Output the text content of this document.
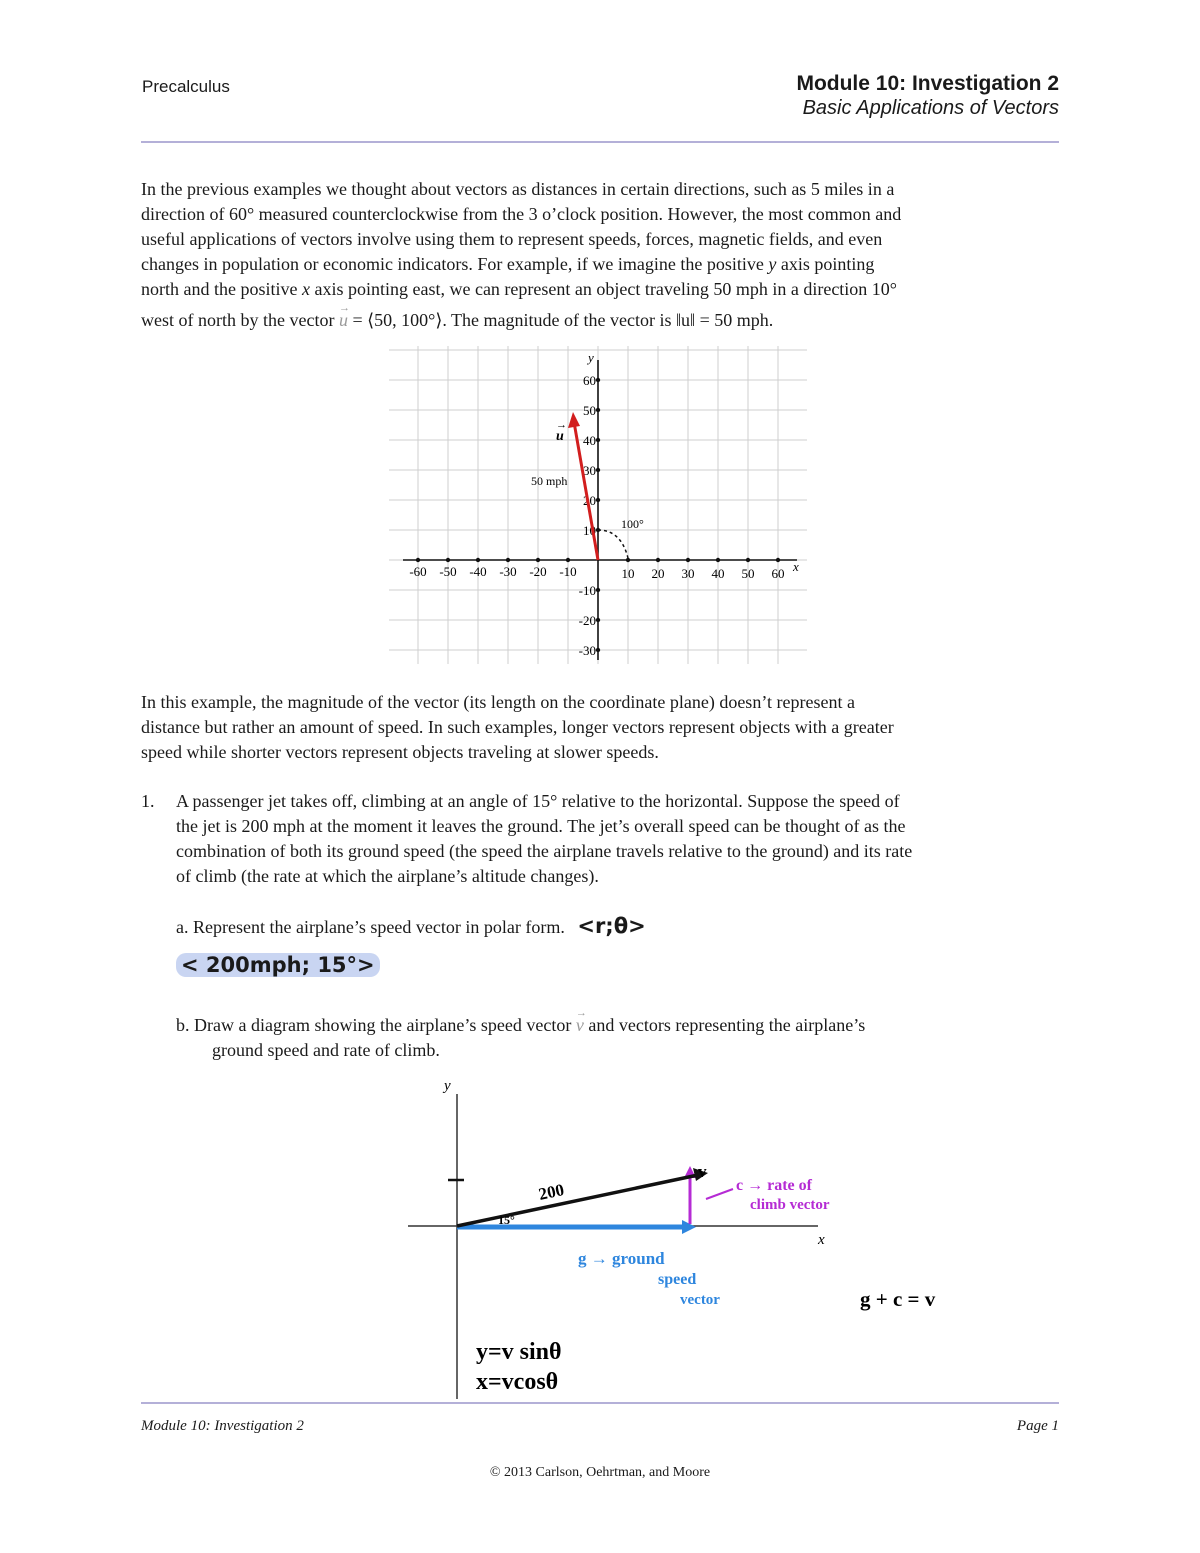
Precalculus	Module 10: Investigation 2
Basic Applications of Vectors
In the previous examples we thought about vectors as distances in certain directions, such as 5 miles in a
direction of 60° measured counterclockwise from the 3 o’clock position. However, the most common and
useful applications of vectors involve using them to represent speeds, forces, magnetic fields, and even
changes in population or economic indicators. For example, if we imagine the positive y axis pointing
north and the positive x axis pointing east, we can represent an object traveling 50 mph in a direction 10°
west of north by the vector → u = ⟨50, 100°⟩. The magnitude of the vector is ‖u‖ = 50 mph.
y
x
60
50
40
30
20
10
-10
-20
-30
-60 -50 -40 -30 -20 -10	10 20 30 40 50 60
100°
u
→
50 mph
In this example, the magnitude of the vector (its length on the coordinate plane) doesn’t represent a
distance but rather an amount of speed. In such examples, longer vectors represent objects with a greater
speed while shorter vectors represent objects traveling at slower speeds.
1. A passenger jet takes off, climbing at an angle of 15° relative to the horizontal. Suppose the speed of
the jet is 200 mph at the moment it leaves the ground. The jet’s overall speed can be thought of as the
combination of both its ground speed (the speed the airplane travels relative to the ground) and its rate
of climb (the rate at which the airplane’s altitude changes).
a. Represent the airplane’s speed vector in polar form. <r;θ>
< 200mph; 15°>
b. Draw a diagram showing the airplane’s speed vector → v and vectors representing the airplane’s
ground speed and rate of climb.
y
x
200
15°
v
c → rate of
climb vector
g → ground
speed
vector	g + c = v
y=v sinθ
x=vcosθ
Module 10: Investigation 2	Page 1
© 2013 Carlson, Oehrtman, and Moore
